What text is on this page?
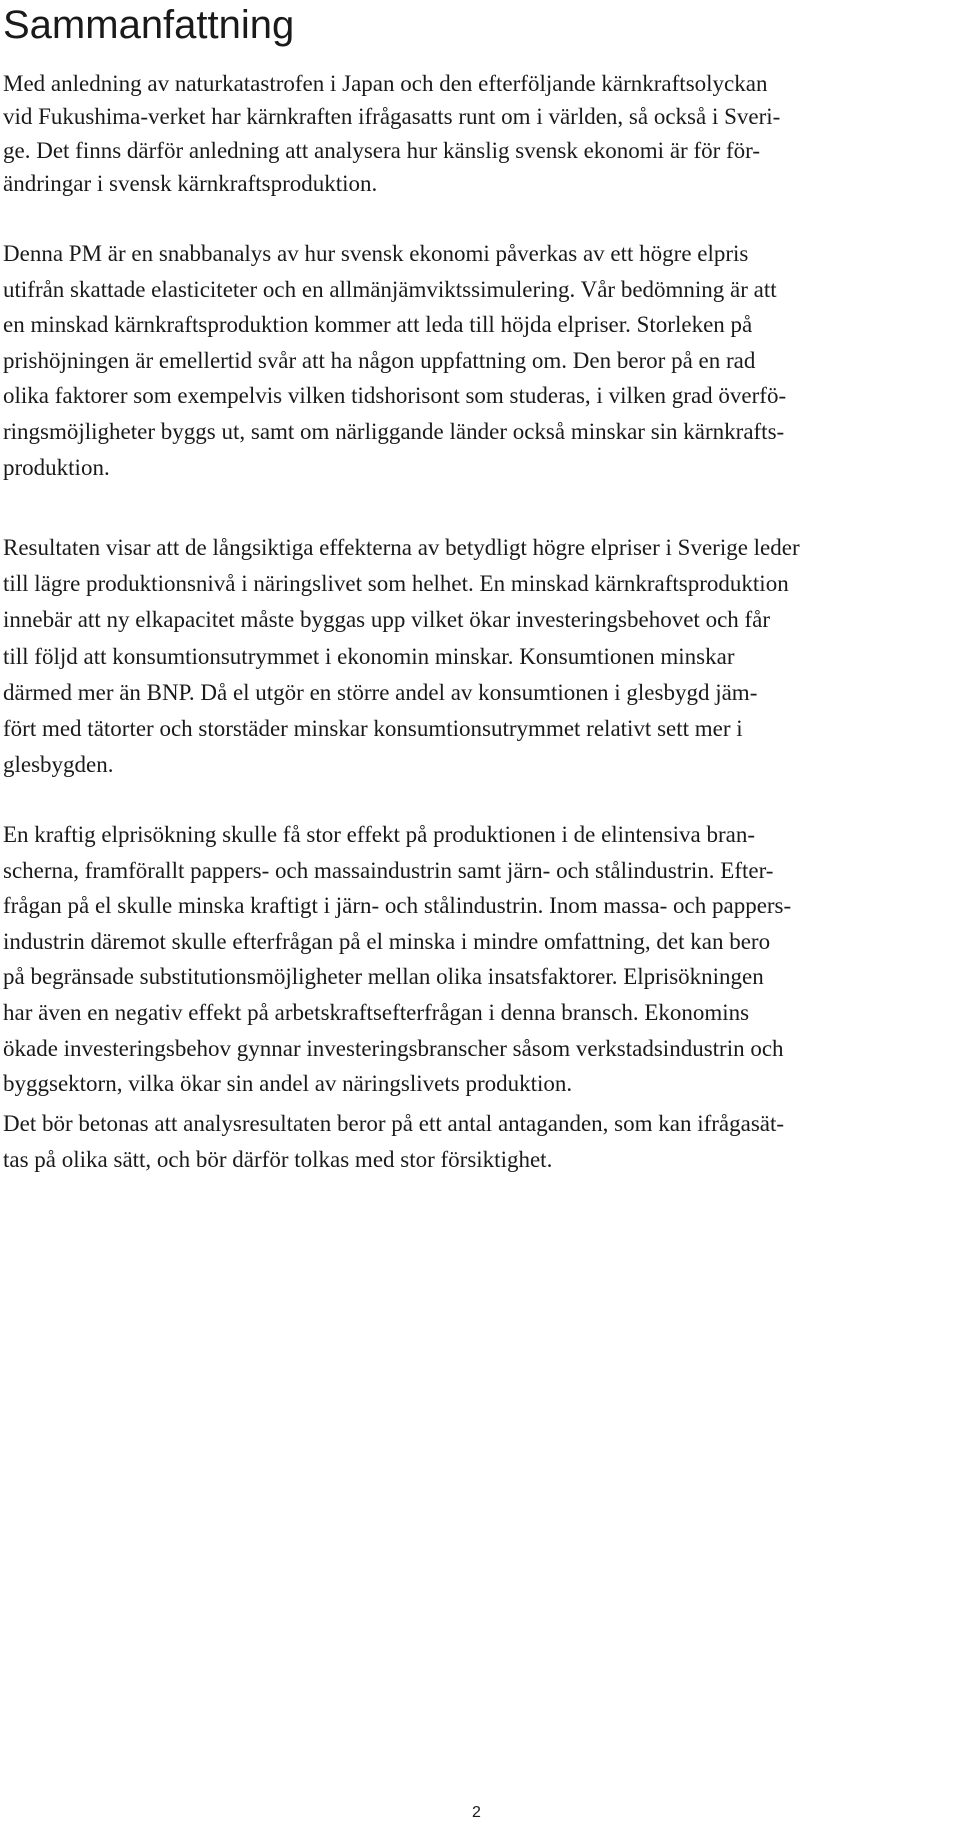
Sammanfattning

Med anledning av naturkatastrofen i Japan och den efterföljande kärnkraftsolyckan
vid Fukushima-verket har kärnkraften ifrågasatts runt om i världen, så också i Sveri-
ge. Det finns därför anledning att analysera hur känslig svensk ekonomi är för för-
ändringar i svensk kärnkraftsproduktion.

Denna PM är en snabbanalys av hur svensk ekonomi påverkas av ett högre elpris
utifrån skattade elasticiteter och en allmänjämviktssimulering. Vår bedömning är att
en minskad kärnkraftsproduktion kommer att leda till höjda elpriser. Storleken på
prishöjningen är emellertid svår att ha någon uppfattning om. Den beror på en rad
olika faktorer som exempelvis vilken tidshorisont som studeras, i vilken grad överfö-
ringsmöjligheter byggs ut, samt om närliggande länder också minskar sin kärnkrafts-
produktion.

Resultaten visar att de långsiktiga effekterna av betydligt högre elpriser i Sverige leder
till lägre produktionsnivå i näringslivet som helhet. En minskad kärnkraftsproduktion
innebär att ny elkapacitet måste byggas upp vilket ökar investeringsbehovet och får
till följd att konsumtionsutrymmet i ekonomin minskar. Konsumtionen minskar
därmed mer än BNP. Då el utgör en större andel av konsumtionen i glesbygd jäm-
fört med tätorter och storstäder minskar konsumtionsutrymmet relativt sett mer i
glesbygden.

En kraftig elprisökning skulle få stor effekt på produktionen i de elintensiva bran-
scherna, framförallt pappers- och massaindustrin samt järn- och stålindustrin. Efter-
frågan på el skulle minska kraftigt i järn- och stålindustrin. Inom massa- och pappers-
industrin däremot skulle efterfrågan på el minska i mindre omfattning, det kan bero
på begränsade substitutionsmöjligheter mellan olika insatsfaktorer. Elprisökningen
har även en negativ effekt på arbetskraftsefterfrågan i denna bransch. Ekonomins
ökade investeringsbehov gynnar investeringsbranscher såsom verkstadsindustrin och
byggsektorn, vilka ökar sin andel av näringslivets produktion.

Det bör betonas att analysresultaten beror på ett antal antaganden, som kan ifrågasät-
tas på olika sätt, och bör därför tolkas med stor försiktighet.

2
